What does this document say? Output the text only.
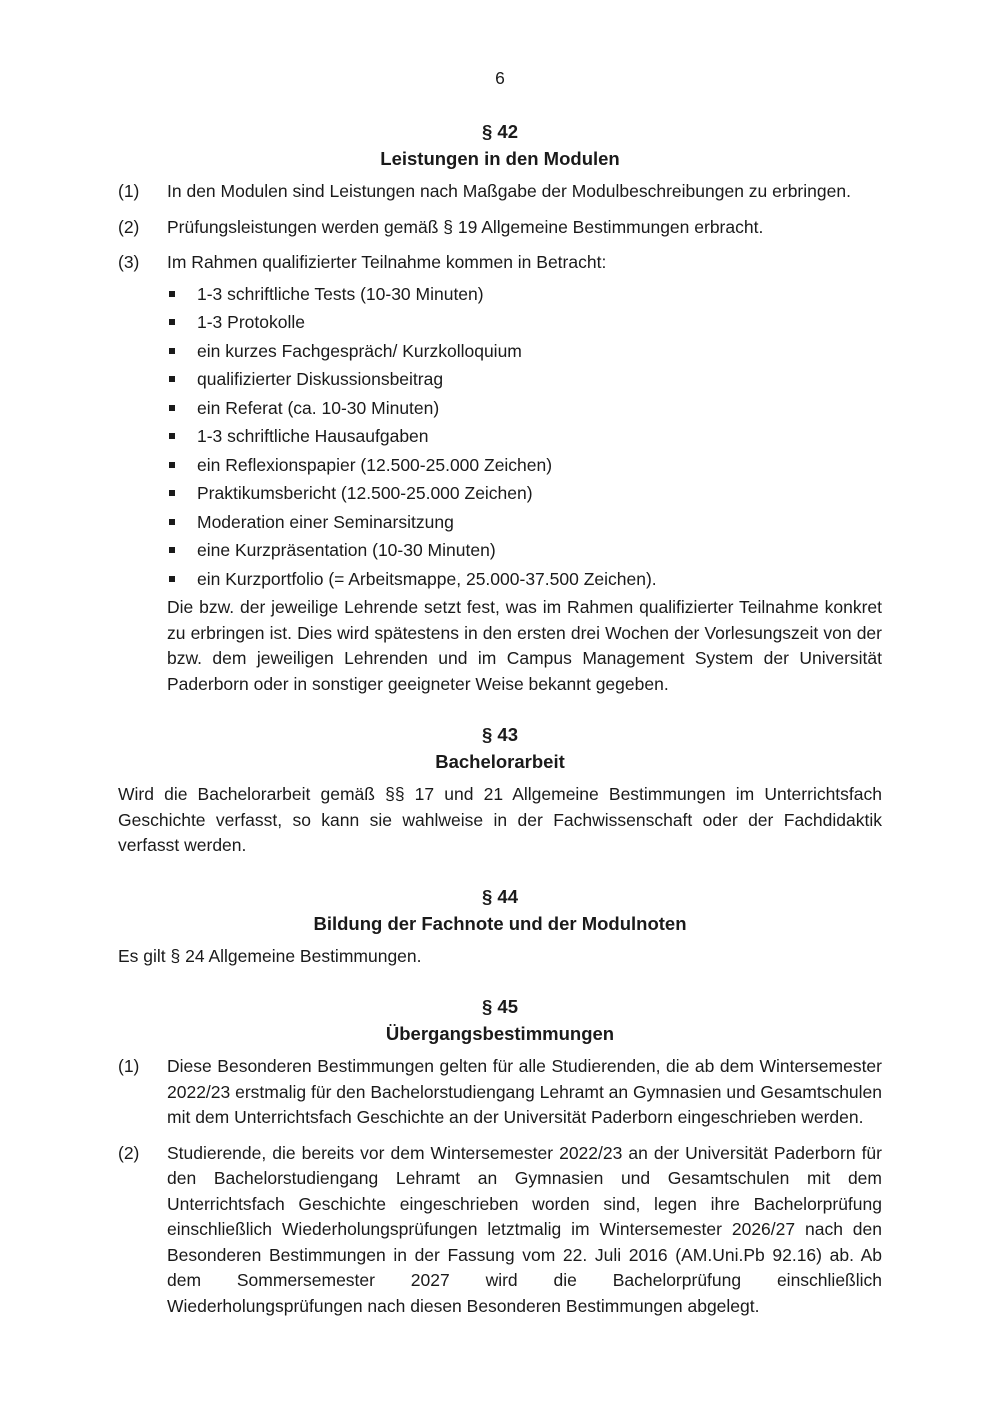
6
§ 42
Leistungen in den Modulen
(1)	In den Modulen sind Leistungen nach Maßgabe der Modulbeschreibungen zu erbringen.
(2)	Prüfungsleistungen werden gemäß § 19 Allgemeine Bestimmungen erbracht.
(3)	Im Rahmen qualifizierter Teilnahme kommen in Betracht:
1-3 schriftliche Tests (10-30 Minuten)
1-3 Protokolle
ein kurzes Fachgespräch/ Kurzkolloquium
qualifizierter Diskussionsbeitrag
ein Referat (ca. 10-30 Minuten)
1-3 schriftliche Hausaufgaben
ein Reflexionspapier (12.500-25.000 Zeichen)
Praktikumsbericht (12.500-25.000 Zeichen)
Moderation einer Seminarsitzung
eine Kurzpräsentation (10-30 Minuten)
ein Kurzportfolio (= Arbeitsmappe, 25.000-37.500 Zeichen).

Die bzw. der jeweilige Lehrende setzt fest, was im Rahmen qualifizierter Teilnahme konkret zu erbringen ist. Dies wird spätestens in den ersten drei Wochen der Vorlesungszeit von der bzw. dem jeweiligen Lehrenden und im Campus Management System der Universität Paderborn oder in sonstiger geeigneter Weise bekannt gegeben.

§ 43
Bachelorarbeit

Wird die Bachelorarbeit gemäß §§ 17 und 21 Allgemeine Bestimmungen im Unterrichtsfach Geschichte verfasst, so kann sie wahlweise in der Fachwissenschaft oder der Fachdidaktik verfasst werden.

§ 44
Bildung der Fachnote und der Modulnoten

Es gilt § 24 Allgemeine Bestimmungen.

§ 45
Übergangsbestimmungen
(1)	Diese Besonderen Bestimmungen gelten für alle Studierenden, die ab dem Wintersemester 2022/23 erstmalig für den Bachelorstudiengang Lehramt an Gymnasien und Gesamtschulen mit dem Unterrichtsfach Geschichte an der Universität Paderborn eingeschrieben werden.
(2)	Studierende, die bereits vor dem Wintersemester 2022/23 an der Universität Paderborn für den Bachelorstudiengang Lehramt an Gymnasien und Gesamtschulen mit dem Unterrichtsfach Geschichte eingeschrieben worden sind, legen ihre Bachelorprüfung einschließlich Wiederholungsprüfungen letztmalig im Wintersemester 2026/27 nach den Besonderen Bestimmungen in der Fassung vom 22. Juli 2016 (AM.Uni.Pb 92.16) ab. Ab dem Sommersemester 2027 wird die Bachelorprüfung einschließlich Wiederholungsprüfungen nach diesen Besonderen Bestimmungen abgelegt.
